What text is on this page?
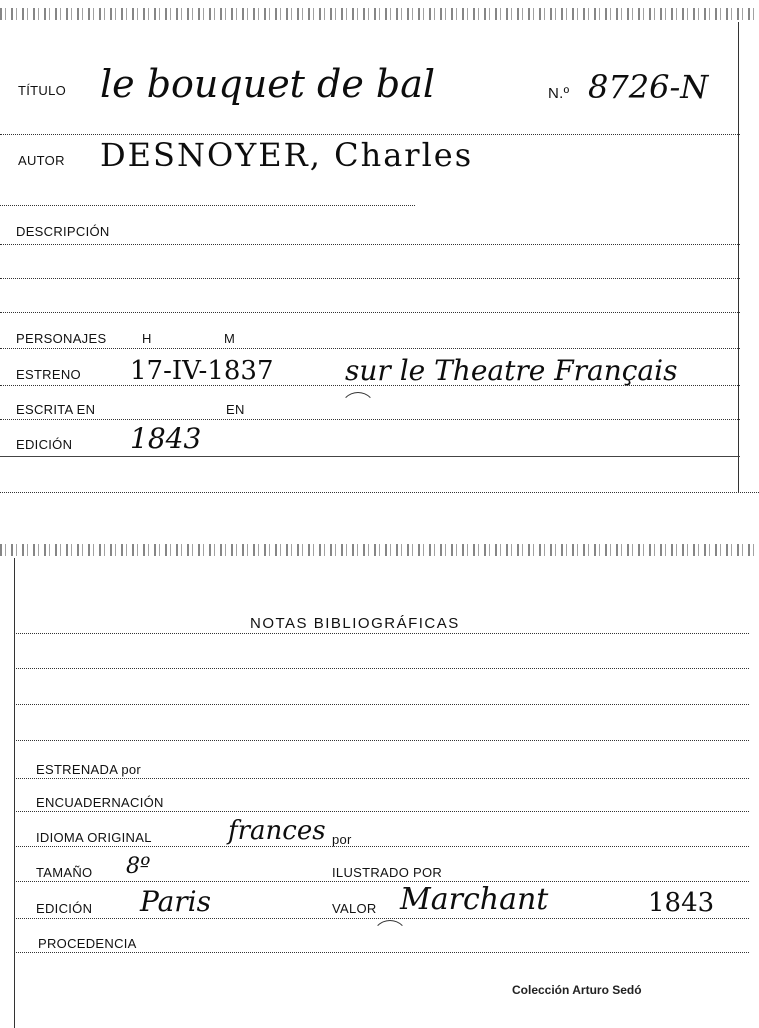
TÍTULO le bouquet de bal	N.º 8726-N
AUTOR DESNOYER, Charles
DESCRIPCIÓN
PERSONAJES	H	M
ESTRENO 17-IV-1837	sur le Theatre Français
ESCRITA EN	EN
EDICIÓN 1843
NOTAS BIBLIOGRÁFICAS
ESTRENADA por
ENCUADERNACIÓN
IDIOMA ORIGINAL	frances por
TAMAÑO 8º	ILUSTRADO POR
EDICIÓN Paris	VALOR Marchant	1843
PROCEDENCIA
Colección Arturo Sedó
